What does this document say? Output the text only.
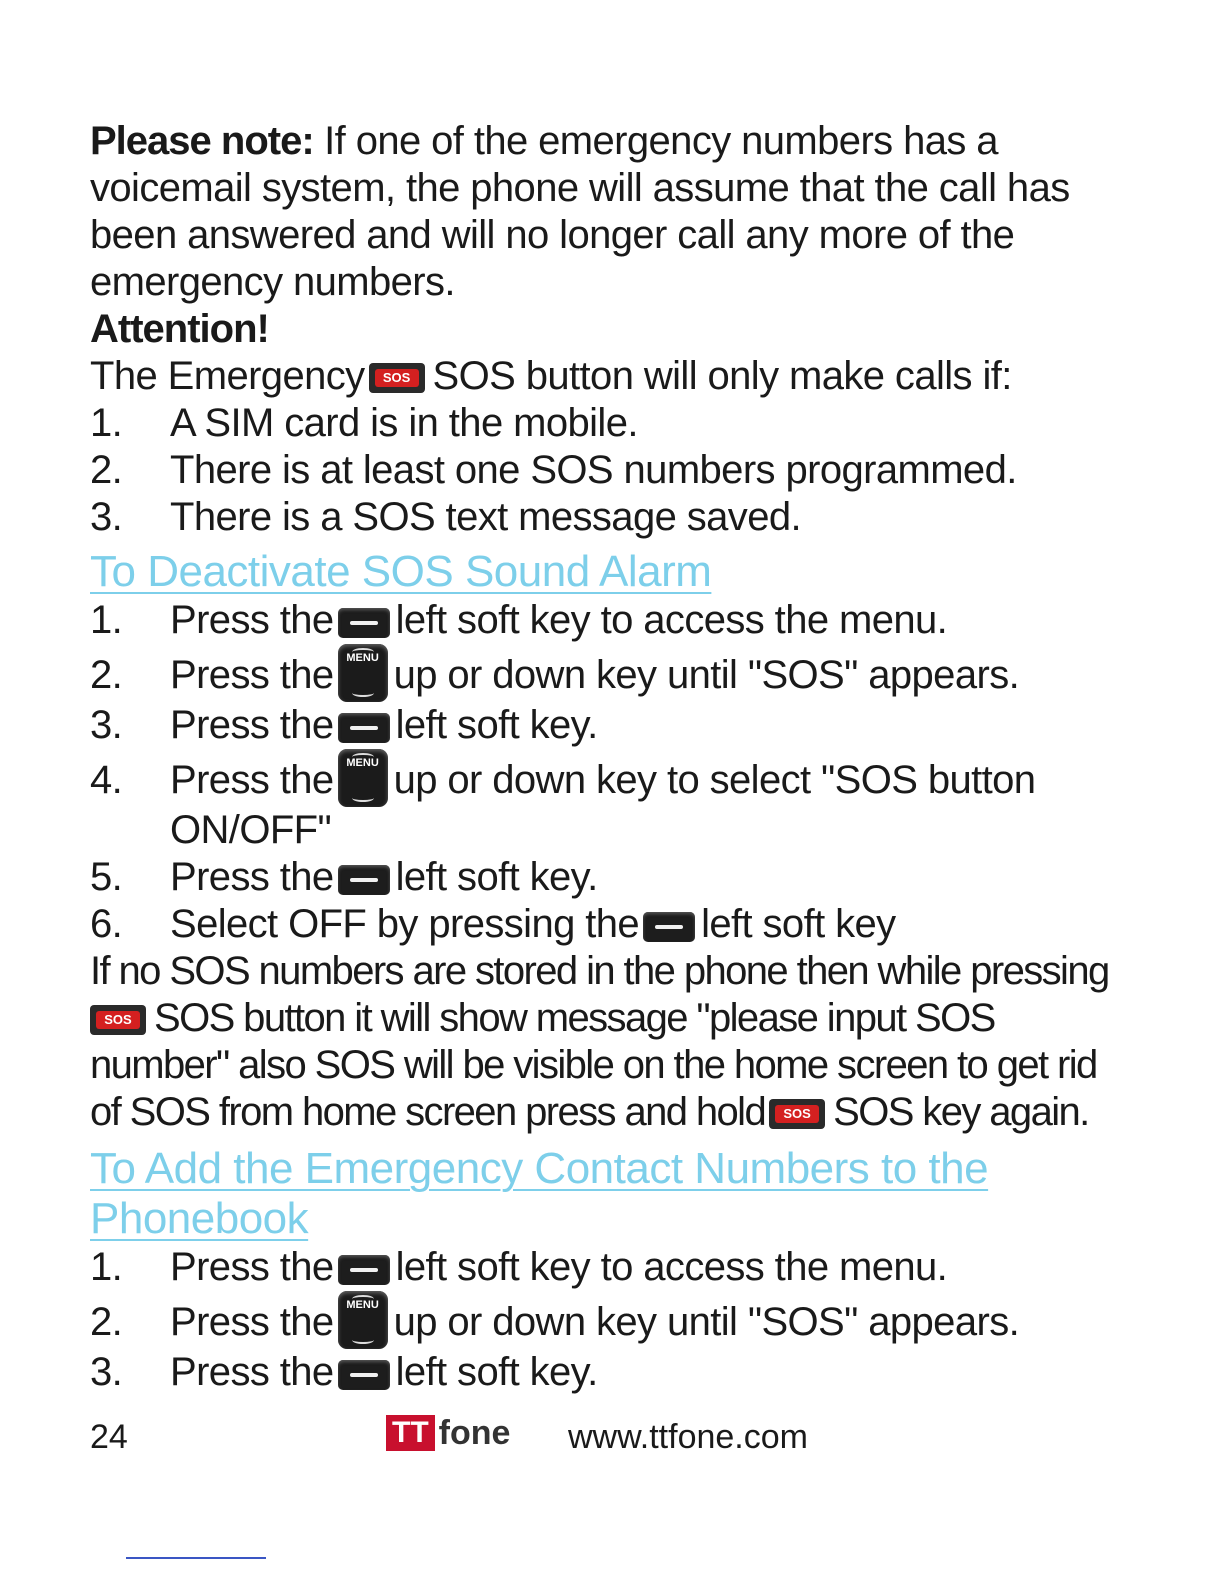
Please note: If one of the emergency numbers has a
voicemail system, the phone will assume that the call has
been answered and will no longer call any more of the
emergency numbers.
Attention!
The Emergency	SOS SOS button will only make calls if:
1. A SIM card is in the mobile.
2. There is at least one SOS numbers programmed.
3. There is a SOS text message saved.
To Deactivate SOS Sound Alarm
1. Press the left soft key to access the menu.
2. Press the	MENU up or down key until "SOS" appears.
3. Press the left soft key.
4. Press the	MENU up or down key to select "SOS button
ON/OFF"
5. Press the left soft key.
6. Select OFF by pressing the left soft key
If no SOS numbers are stored in the phone then while pressing
SOS SOS button it will show message "please input SOS
number" also SOS will be visible on the home screen to get rid
of SOS from home screen press and hold	SOS SOS key again.
To Add the Emergency Contact Numbers to the
Phonebook
1. Press the left soft key to access the menu.
2. Press the	MENU up or down key until "SOS" appears.
3. Press the left soft key.
24	TT fone www.ttfone.com
